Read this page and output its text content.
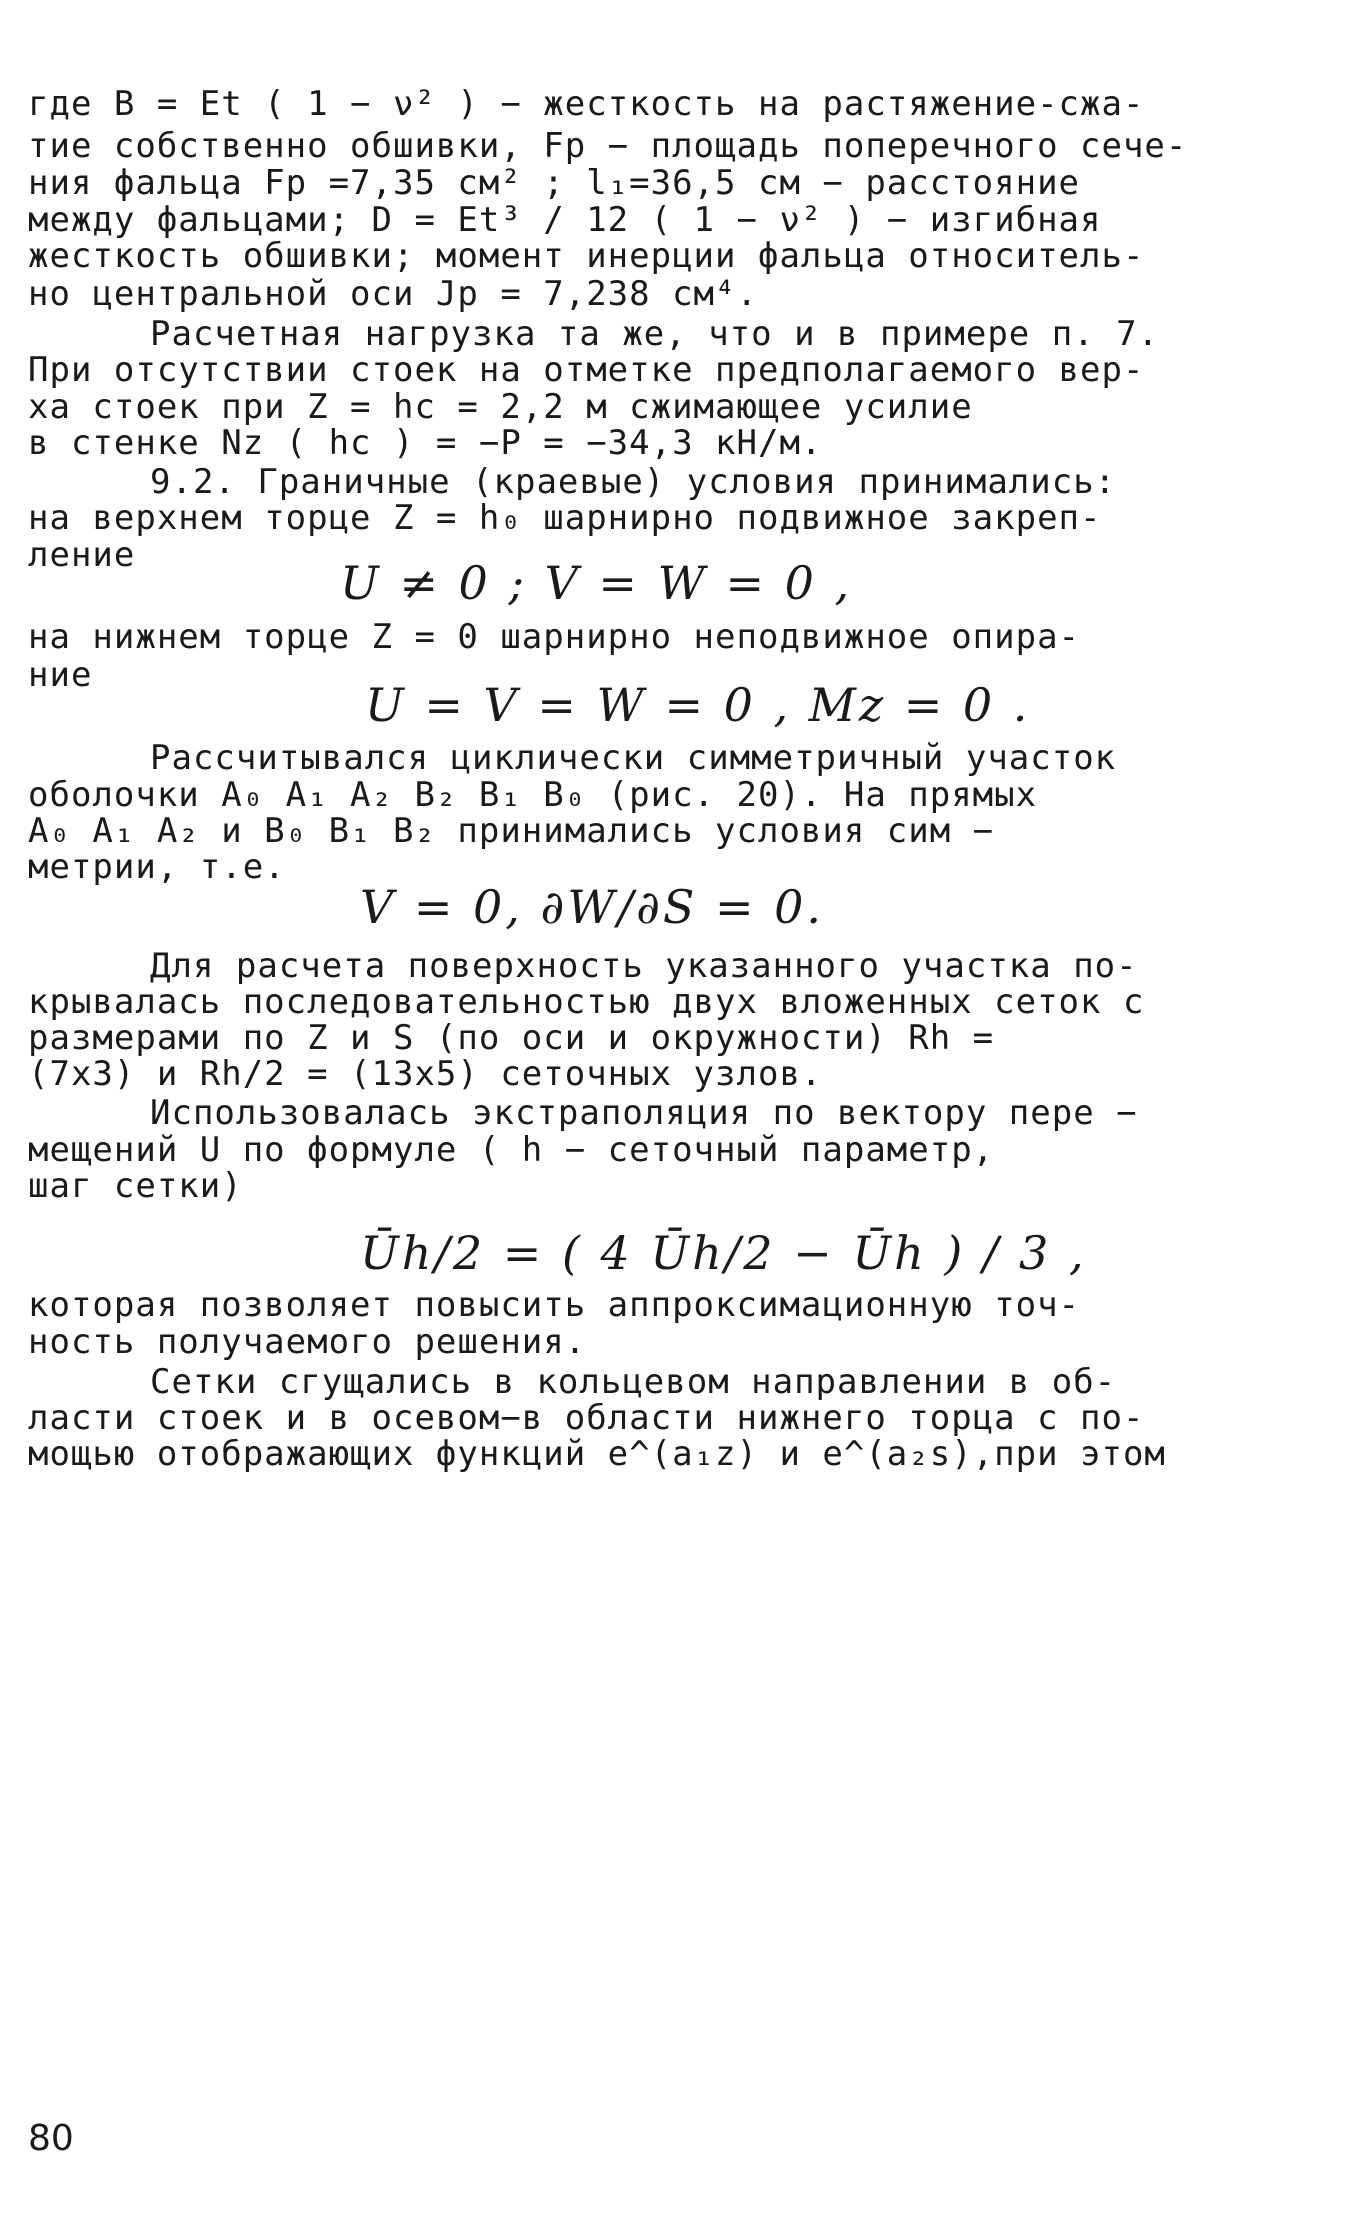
где В = Et ( 1 − ν² ) − жесткость на растяжение-сжа-
тие собственно обшивки, Fр − площадь поперечного сече-
ния фальца Fр =7,35 см² ; l₁=36,5 см − расстояние
между фальцами; D = Et³ / 12 ( 1 − ν² ) − изгибная
жесткость обшивки; момент инерции фальца относитель-
но центральной оси Jр = 7,238 см⁴.
Расчетная нагрузка та же, что и в примере п. 7.
При отсутствии стоек на отметке предполагаемого вер-
ха стоек при Z = hс = 2,2 м сжимающее усилие
в стенке Nz ( hс ) = −P = −34,3 кН/м.
9.2. Граничные (краевые) условия принимались:
на верхнем торце Z = h₀ шарнирно подвижное закреп-
ление
U ≠ 0 ; V = W = 0 ,
на нижнем торце Z = 0 шарнирно неподвижное опира-
ние
U = V = W = 0 , Mz = 0 .
Рассчитывался циклически симметричный участок
оболочки A₀ A₁ A₂ B₂ B₁ B₀ (рис. 20). На прямых
A₀ A₁ A₂ и B₀ B₁ B₂ принимались условия сим −
метрии, т.е.
V = 0, ∂W/∂S = 0.
Для расчета поверхность указанного участка по-
крывалась последовательностью двух вложенных сеток с
размерами по Z и S (по оси и окружности) Rh =
(7x3) и Rh/2 = (13x5) сеточных узлов.
Использовалась экстраполяция по вектору пере −
мещений U по формуле ( h − сеточный параметр,
шаг сетки)
Ūh/2 = ( 4 Ūh/2 − Ūh ) / 3 ,
которая позволяет повысить аппроксимационную точ-
ность получаемого решения.
Сетки сгущались в кольцевом направлении в об-
ласти стоек и в осевом−в области нижнего торца с по-
мощью отображающих функций e^(a₁z) и e^(a₂s),при этом
80
